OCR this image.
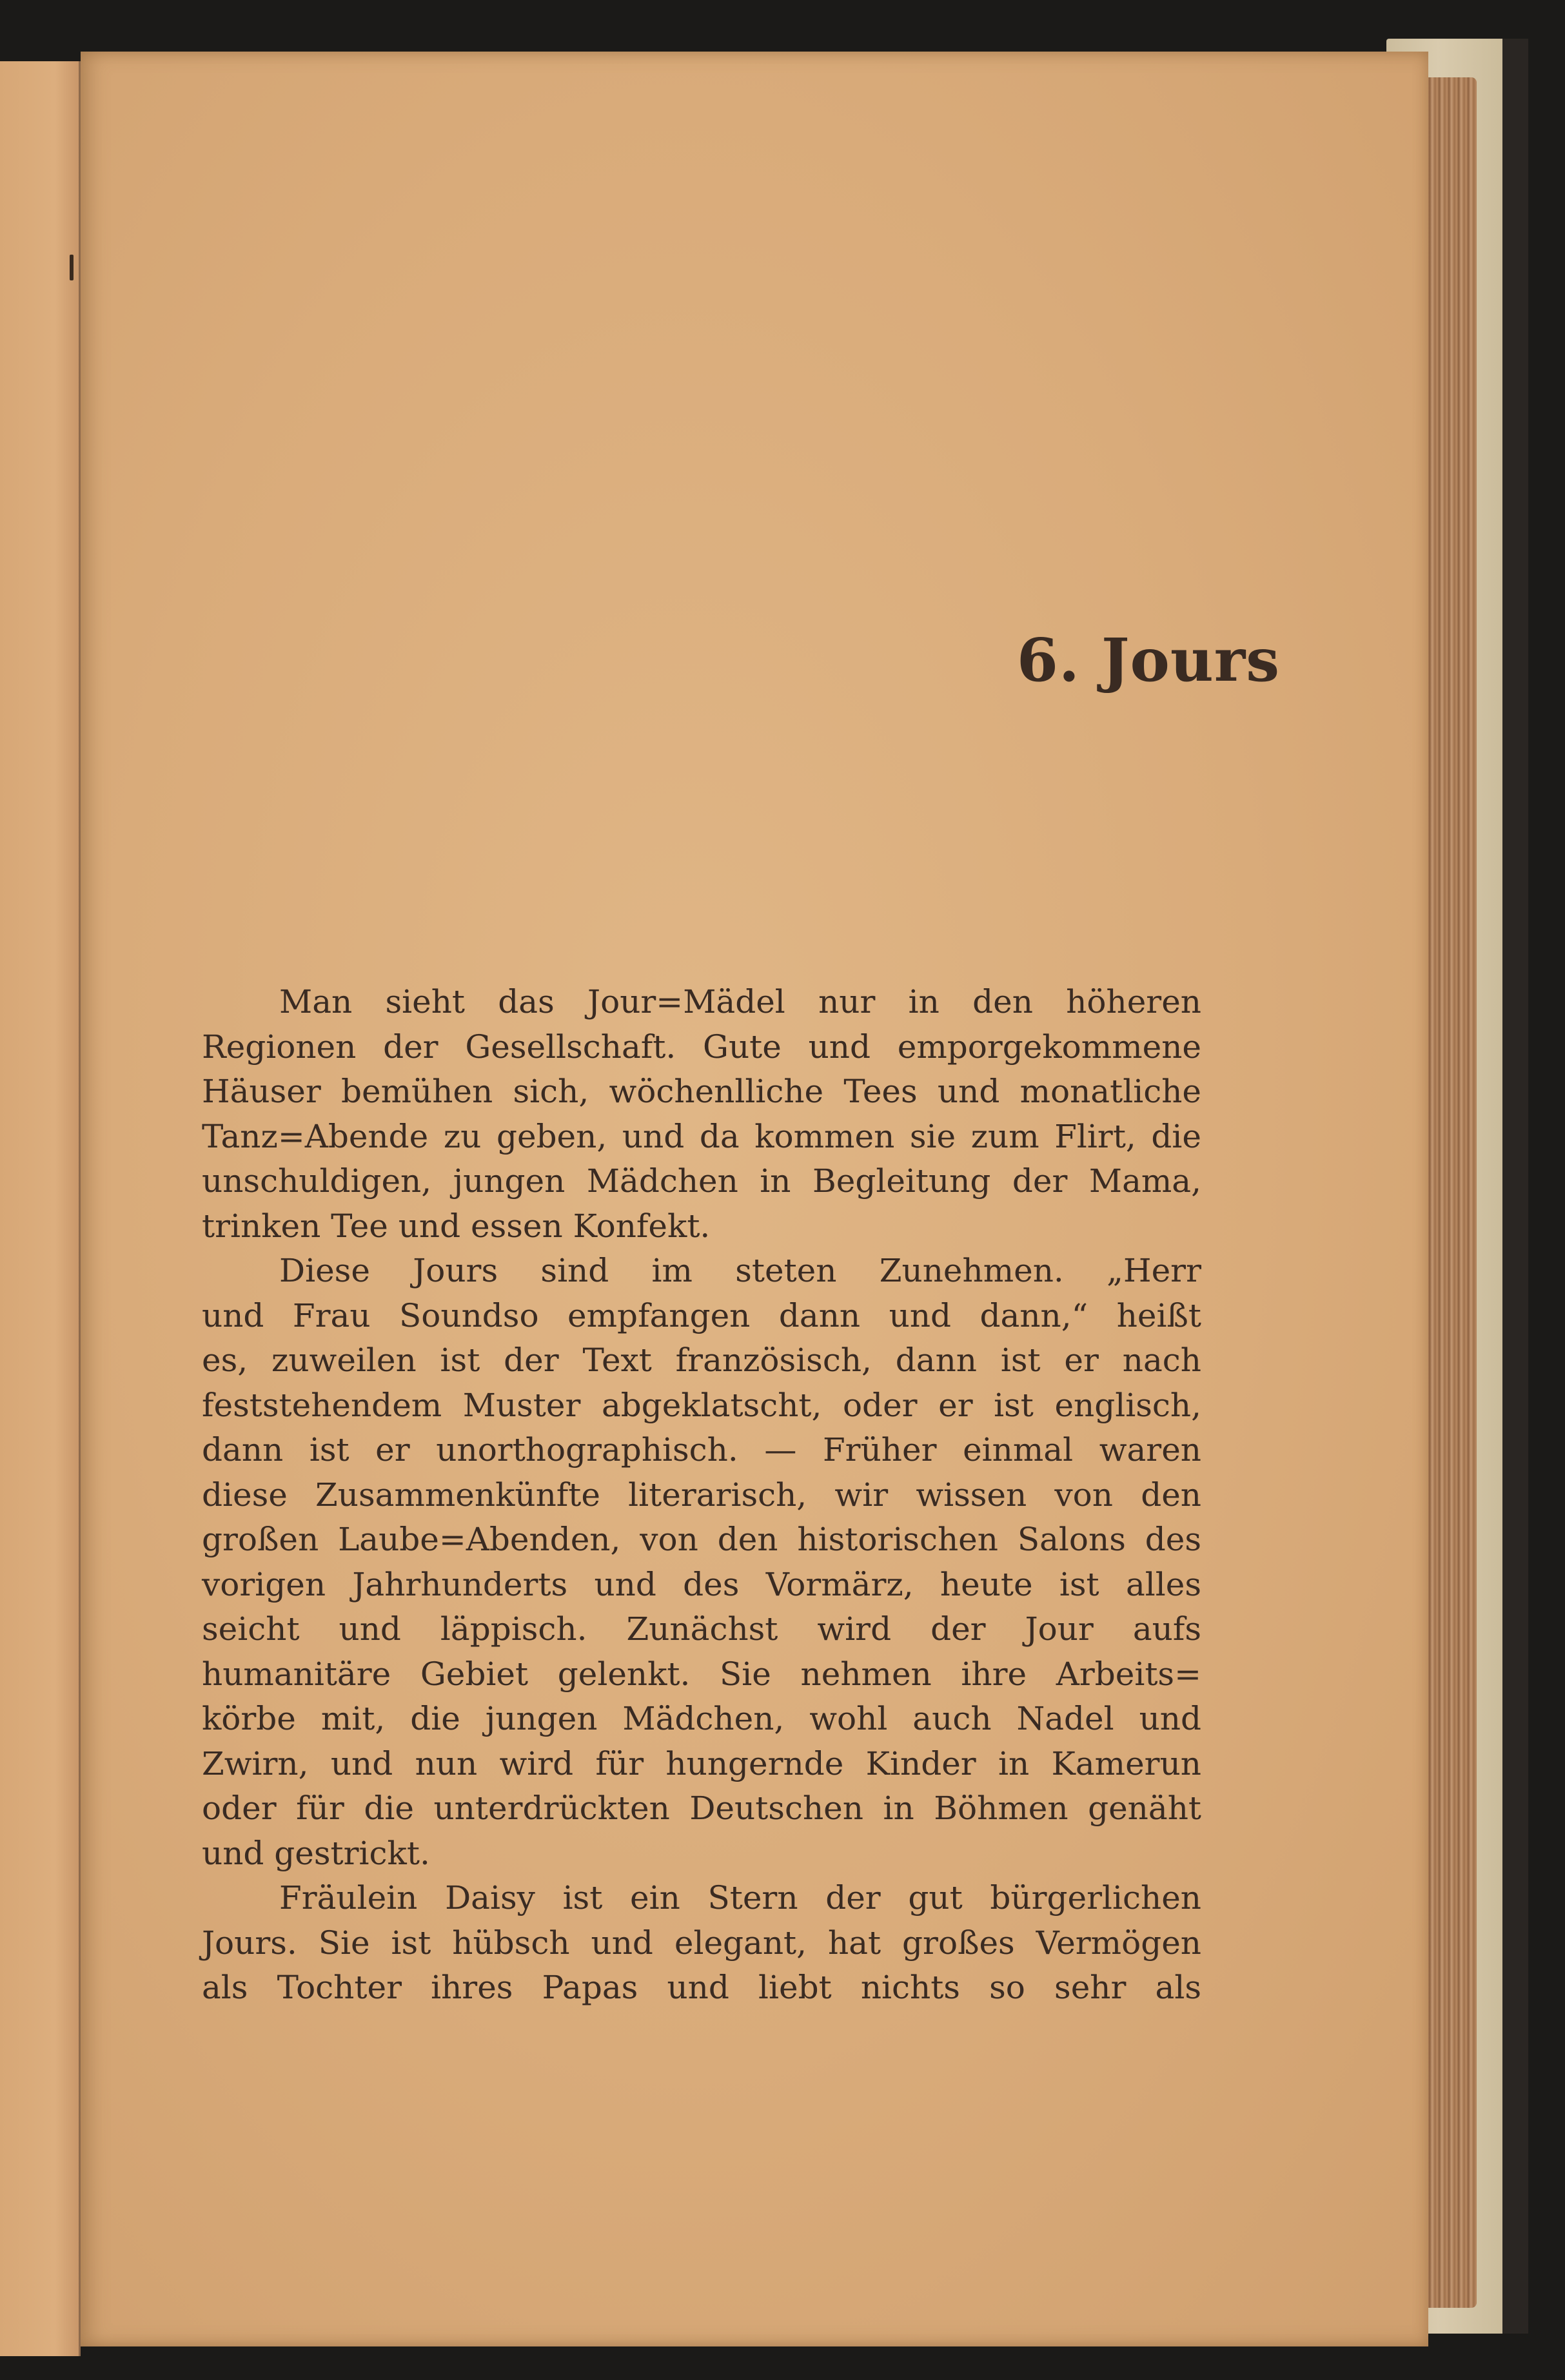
6. Jours
Man sieht das Jour=Mädel nur in den höheren
Regionen der Gesellschaft. Gute und emporgekommene
Häuser bemühen sich, wöchenlliche Tees und monatliche
Tanz=Abende zu geben, und da kommen sie zum Flirt, die
unschuldigen, jungen Mädchen in Begleitung der Mama,
trinken Tee und essen Konfekt.
Diese Jours sind im steten Zunehmen. „Herr
und Frau Soundso empfangen dann und dann,“ heißt
es, zuweilen ist der Text französisch, dann ist er nach
feststehendem Muster abgeklatscht, oder er ist englisch,
dann ist er unorthographisch. — Früher einmal waren
diese Zusammenkünfte literarisch, wir wissen von den
großen Laube=Abenden, von den historischen Salons des
vorigen Jahrhunderts und des Vormärz, heute ist alles
seicht und läppisch. Zunächst wird der Jour aufs
humanitäre Gebiet gelenkt. Sie nehmen ihre Arbeits=
körbe mit, die jungen Mädchen, wohl auch Nadel und
Zwirn, und nun wird für hungernde Kinder in Kamerun
oder für die unterdrückten Deutschen in Böhmen genäht
und gestrickt.
Fräulein Daisy ist ein Stern der gut bürgerlichen
Jours. Sie ist hübsch und elegant, hat großes Vermögen
als Tochter ihres Papas und liebt nichts so sehr als
